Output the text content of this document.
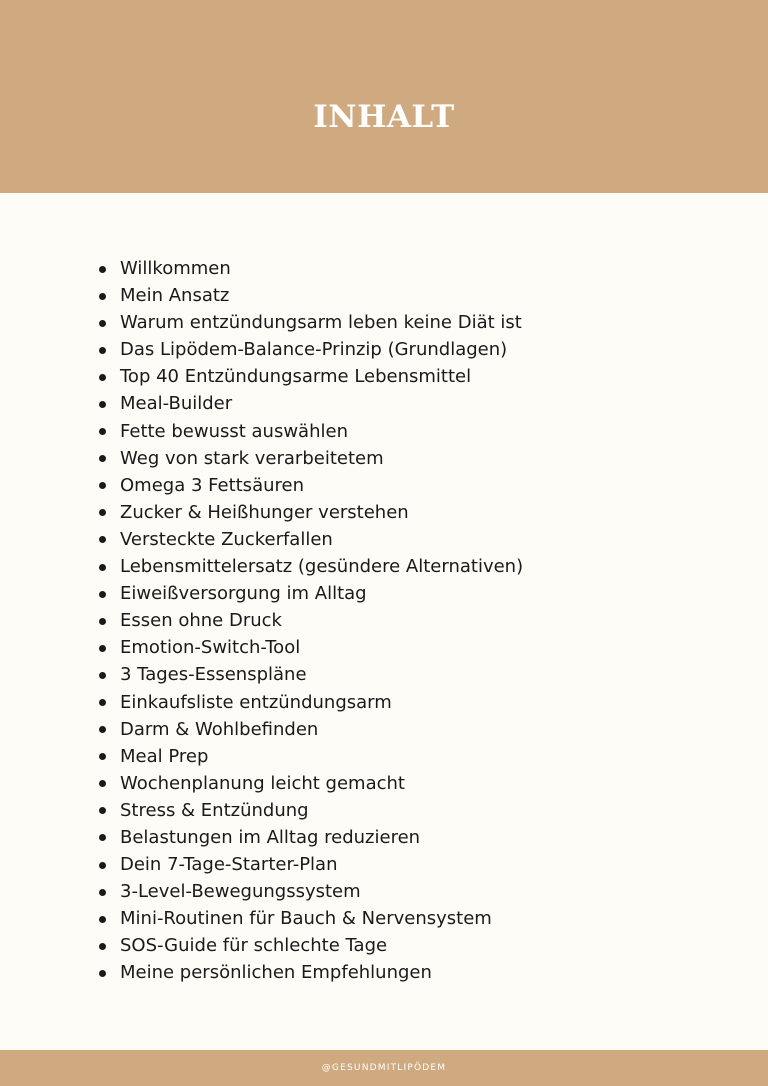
INHALT
Willkommen
Mein Ansatz
Warum entzündungsarm leben keine Diät ist
Das Lipödem-Balance-Prinzip (Grundlagen)
Top 40 Entzündungsarme Lebensmittel
Meal-Builder
Fette bewusst auswählen
Weg von stark verarbeitetem
Omega 3 Fettsäuren
Zucker & Heißhunger verstehen
Versteckte Zuckerfallen
Lebensmittelersatz (gesündere Alternativen)
Eiweißversorgung im Alltag
Essen ohne Druck
Emotion-Switch-Tool
3 Tages-Essenspläne
Einkaufsliste entzündungsarm
Darm & Wohlbefinden
Meal Prep
Wochenplanung leicht gemacht
Stress & Entzündung
Belastungen im Alltag reduzieren
Dein 7-Tage-Starter-Plan
3-Level-Bewegungssystem
Mini-Routinen für Bauch & Nervensystem
SOS-Guide für schlechte Tage
Meine persönlichen Empfehlungen
@GESUNDMITLIPÖDEM
